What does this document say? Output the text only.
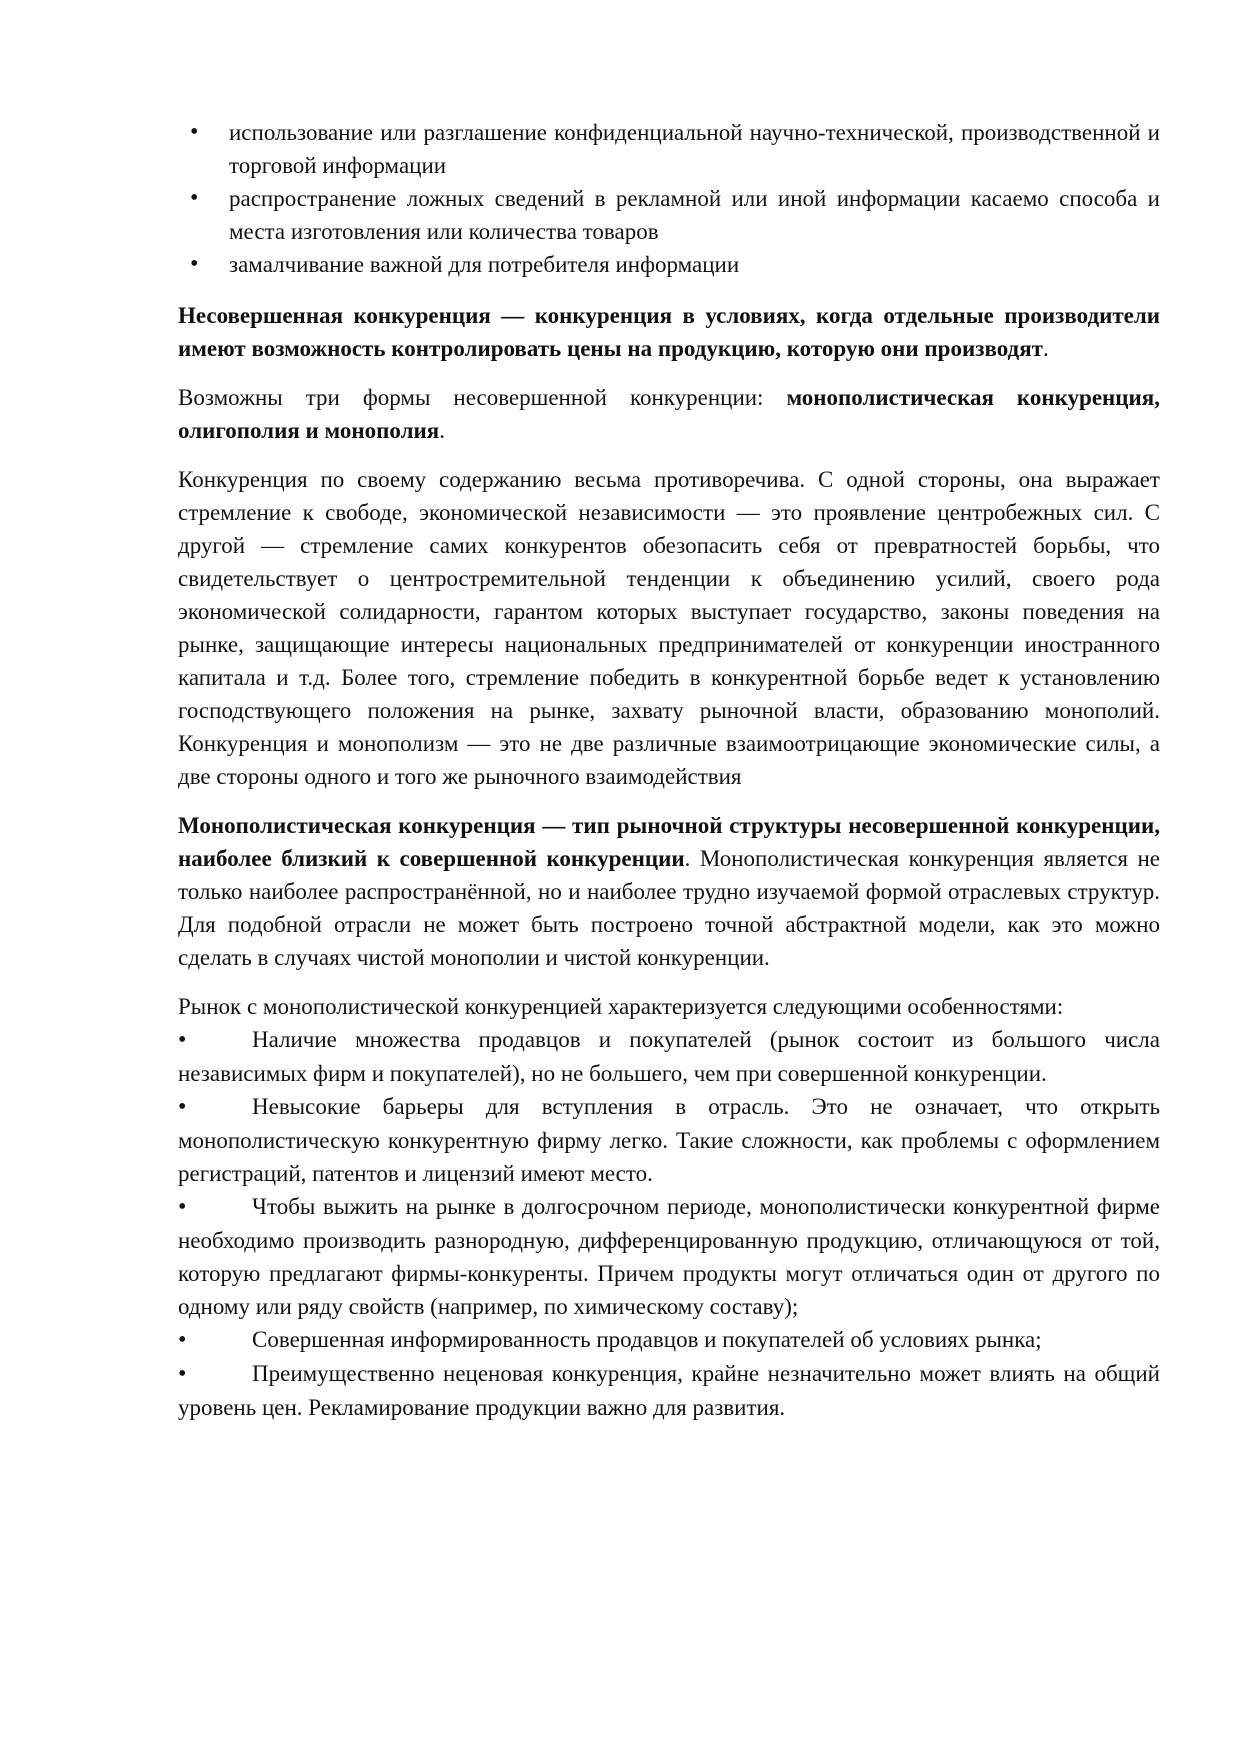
• использование или разглашение конфиденциальной научно-технической, производственной и торговой информации
• распространение ложных сведений в рекламной или иной информации касаемо способа и места изготовления или количества товаров
• замалчивание важной для потребителя информации

Несовершенная конкуренция — конкуренция в условиях, когда отдельные производители имеют возможность контролировать цены на продукцию, которую они производят.

Возможны три формы несовершенной конкуренции: монополистическая конкуренция, олигополия и монополия.

Конкуренция по своему содержанию весьма противоречива. С одной стороны, она выражает стремление к свободе, экономической независимости — это проявление центробежных сил. С другой — стремление самих конкурентов обезопасить себя от превратностей борьбы, что свидетельствует о центростремительной тенденции к объединению усилий, своего рода экономической солидарности, гарантом которых выступает государство, законы поведения на рынке, защищающие интересы национальных предпринимателей от конкуренции иностранного капитала и т.д. Более того, стремление победить в конкурентной борьбе ведет к установлению господствующего положения на рынке, захвату рыночной власти, образованию монополий. Конкуренция и монополизм — это не две различные взаимоотрицающие экономические силы, а две стороны одного и того же рыночного взаимодействия

Монополистическая конкуренция — тип рыночной структуры несовершенной конкуренции, наиболее близкий к совершенной конкуренции. Монополистическая конкуренция является не только наиболее распространённой, но и наиболее трудно изучаемой формой отраслевых структур. Для подобной отрасли не может быть построено точной абстрактной модели, как это можно сделать в случаях чистой монополии и чистой конкуренции.

Рынок с монополистической конкуренцией характеризуется следующими особенностями:

•	Наличие множества продавцов и покупателей (рынок состоит из большого числа независимых фирм и покупателей), но не большего, чем при совершенной конкуренции.
•	Невысокие барьеры для вступления в отрасль. Это не означает, что открыть монополистическую конкурентную фирму легко. Такие сложности, как проблемы с оформлением регистраций, патентов и лицензий имеют место.
•	Чтобы выжить на рынке в долгосрочном периоде, монополистически конкурентной фирме необходимо производить разнородную, дифференцированную продукцию, отличающуюся от той, которую предлагают фирмы-конкуренты. Причем продукты могут отличаться один от другого по одному или ряду свойств (например, по химическому составу);
•	Совершенная информированность продавцов и покупателей об условиях рынка;
•	Преимущественно неценовая конкуренция, крайне незначительно может влиять на общий уровень цен. Рекламирование продукции важно для развития.
